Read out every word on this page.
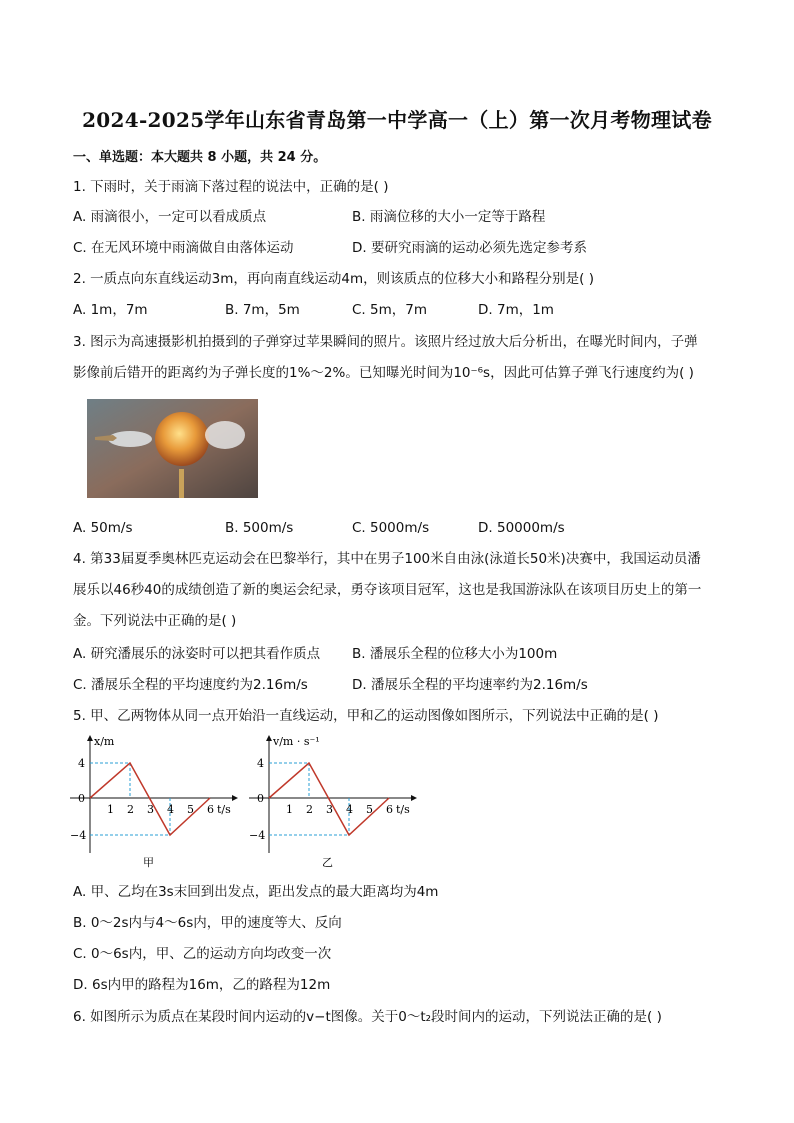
2024-2025学年山东省青岛第一中学高一（上）第一次月考物理试卷
一、单选题：本大题共 8 小题，共 24 分。
1. 下雨时，关于雨滴下落过程的说法中，正确的是( )
A. 雨滴很小，一定可以看成质点	B. 雨滴位移的大小一定等于路程
C. 在无风环境中雨滴做自由落体运动	D. 要研究雨滴的运动必须先选定参考系
2. 一质点向东直线运动3m，再向南直线运动4m，则该质点的位移大小和路程分别是( )
A. 1m，7m	B. 7m，5m	C. 5m，7m	D. 7m，1m
3. 图示为高速摄影机拍摄到的子弹穿过苹果瞬间的照片。该照片经过放大后分析出，在曝光时间内，子弹
影像前后错开的距离约为子弹长度的1%～2%。已知曝光时间为10⁻⁶s，因此可估算子弹飞行速度约为( )
A. 50m/s	B. 500m/s	C. 5000m/s	D. 50000m/s
4. 第33届夏季奥林匹克运动会在巴黎举行，其中在男子100米自由泳(泳道长50米)决赛中，我国运动员潘
展乐以46秒40的成绩创造了新的奥运会纪录，勇夺该项目冠军，这也是我国游泳队在该项目历史上的第一
金。下列说法中正确的是( )
A. 研究潘展乐的泳姿时可以把其看作质点 B. 潘展乐全程的位移大小为100m
C. 潘展乐全程的平均速度约为2.16m/s	D. 潘展乐全程的平均速率约为2.16m/s
5. 甲、乙两物体从同一点开始沿一直线运动，甲和乙的运动图像如图所示，下列说法中正确的是( )
x/m
t/s
4
0
−4
1 2 3 4 5 6
甲
v/m · s⁻¹
t/s
4
0
−4
1 2 3 4 5 6
乙
A. 甲、乙均在3s末回到出发点，距出发点的最大距离均为4m
B. 0～2s内与4～6s内，甲的速度等大、反向
C. 0～6s内，甲、乙的运动方向均改变一次
D. 6s内甲的路程为16m，乙的路程为12m
6. 如图所示为质点在某段时间内运动的v−t图像。关于0～t₂段时间内的运动，下列说法正确的是( )
